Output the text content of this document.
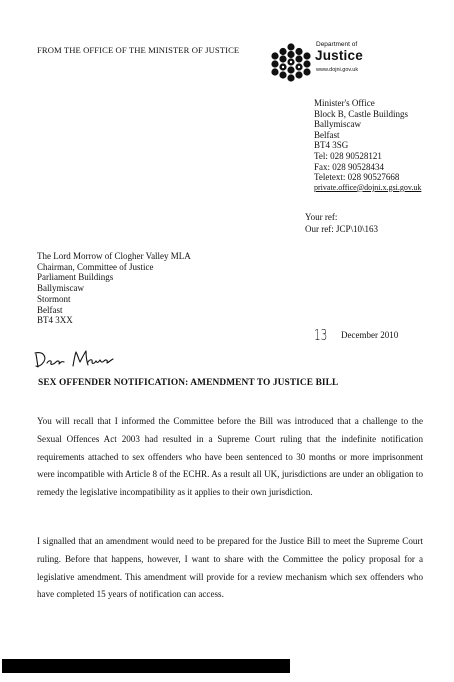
FROM THE OFFICE OF THE MINISTER OF JUSTICE
Department of
Justice
www.dojni.gov.uk
Minister's Office
Block B, Castle Buildings
Ballymiscaw
Belfast
BT4 3SG
Tel: 028 90528121
Fax: 028 90528434
Teletext: 028 90527668
private.office@dojni.x.gsi.gov.uk
Your ref:
Our ref: JCP\10\163
The Lord Morrow of Clogher Valley MLA
Chairman, Committee of Justice
Parliament Buildings
Ballymiscaw
Stormont
Belfast
BT4 3XX
13 December 2010
Dear Maurice
SEX OFFENDER NOTIFICATION: AMENDMENT TO JUSTICE BILL
You will recall that I informed the Committee before the Bill was introduced that a challenge to the Sexual Offences Act 2003 had resulted in a Supreme Court ruling that the indefinite notification requirements attached to sex offenders who have been sentenced to 30 months or more imprisonment were incompatible with Article 8 of the ECHR. As a result all UK, jurisdictions are under an obligation to remedy the legislative incompatibility as it applies to their own jurisdiction.
I signalled that an amendment would need to be prepared for the Justice Bill to meet the Supreme Court ruling. Before that happens, however, I want to share with the Committee the policy proposal for a legislative amendment. This amendment will provide for a review mechanism which sex offenders who have completed 15 years of notification can access.
